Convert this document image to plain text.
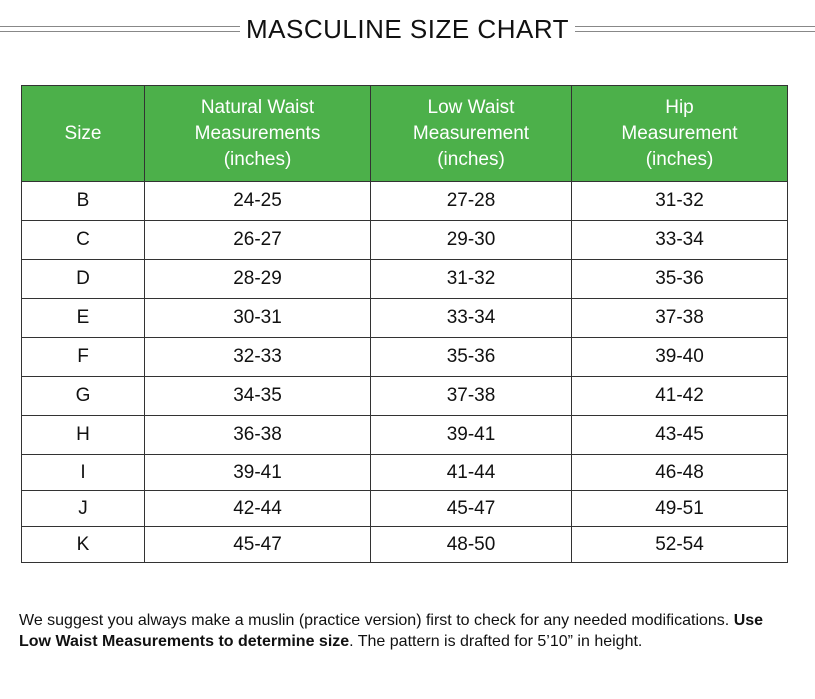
MASCULINE SIZE CHART
Size	Natural Waist
Measurements
(inches)	Low Waist
Measurement
(inches)	Hip
Measurement
(inches)
B	24-25	27-28	31-32
C	26-27	29-30	33-34
D	28-29	31-32	35-36
E	30-31	33-34	37-38
F	32-33	35-36	39-40
G	34-35	37-38	41-42
H	36-38	39-41	43-45
I	39-41	41-44	46-48
J	42-44	45-47	49-51
K	45-47	48-50	52-54
We suggest you always make a muslin (practice version) first to check for any needed modifications. Use Low Waist Measurements to determine size. The pattern is drafted for 5’10” in height.
